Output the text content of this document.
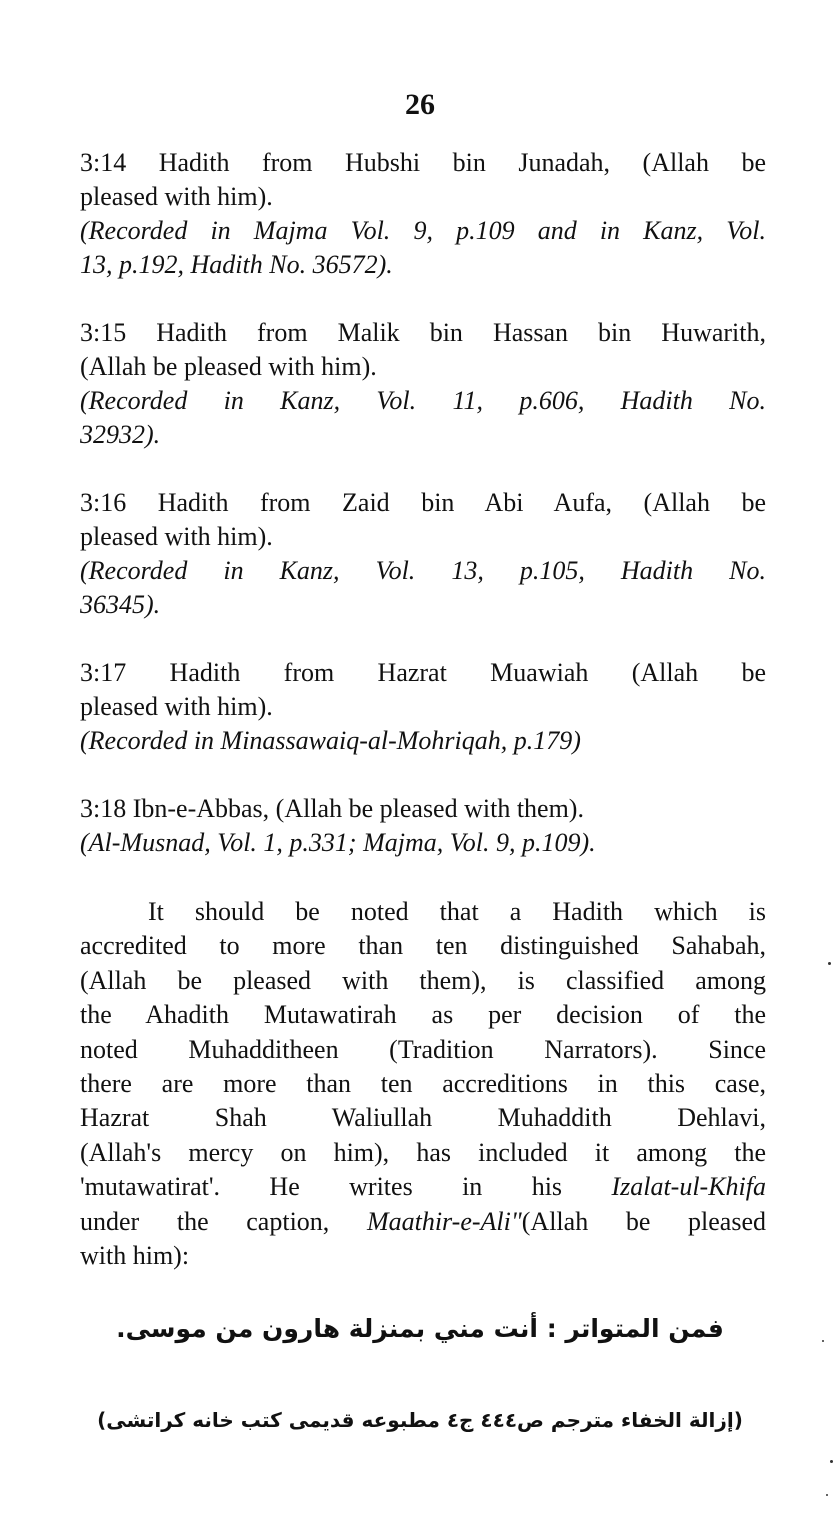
26
3:14 Hadith from Hubshi bin Junadah, (Allah be
pleased with him).
(Recorded in Majma Vol. 9, p.109 and in Kanz, Vol.
13, p.192, Hadith No. 36572).
3:15 Hadith from Malik bin Hassan bin Huwarith,
(Allah be pleased with him).
(Recorded in Kanz, Vol. 11, p.606, Hadith No.
32932).
3:16 Hadith from Zaid bin Abi Aufa, (Allah be
pleased with him).
(Recorded in Kanz, Vol. 13, p.105, Hadith No.
36345).
3:17 Hadith from Hazrat Muawiah (Allah be
pleased with him).
(Recorded in Minassawaiq-al-Mohriqah, p.179)
3:18 Ibn-e-Abbas, (Allah be pleased with them).
(Al-Musnad, Vol. 1, p.331; Majma, Vol. 9, p.109).
It should be noted that a Hadith which is
accredited to more than ten distinguished Sahabah,
(Allah be pleased with them), is classified among
the Ahadith Mutawatirah as per decision of the
noted Muhadditheen (Tradition Narrators). Since
there are more than ten accreditions in this case,
Hazrat Shah Waliullah Muhaddith Dehlavi,
(Allah's mercy on him), has included it among the
'mutawatirat'. He writes in his Izalat-ul-Khifa
under the caption, Maathir-e-Ali"(Allah be pleased
with him):
فمن المتواتر : أنت مني بمنزلة هارون من موسى.
(إزالة الخفاء مترجم ص٤٤٤ ج٤ مطبوعه قديمى كتب خانه كراتشى)
